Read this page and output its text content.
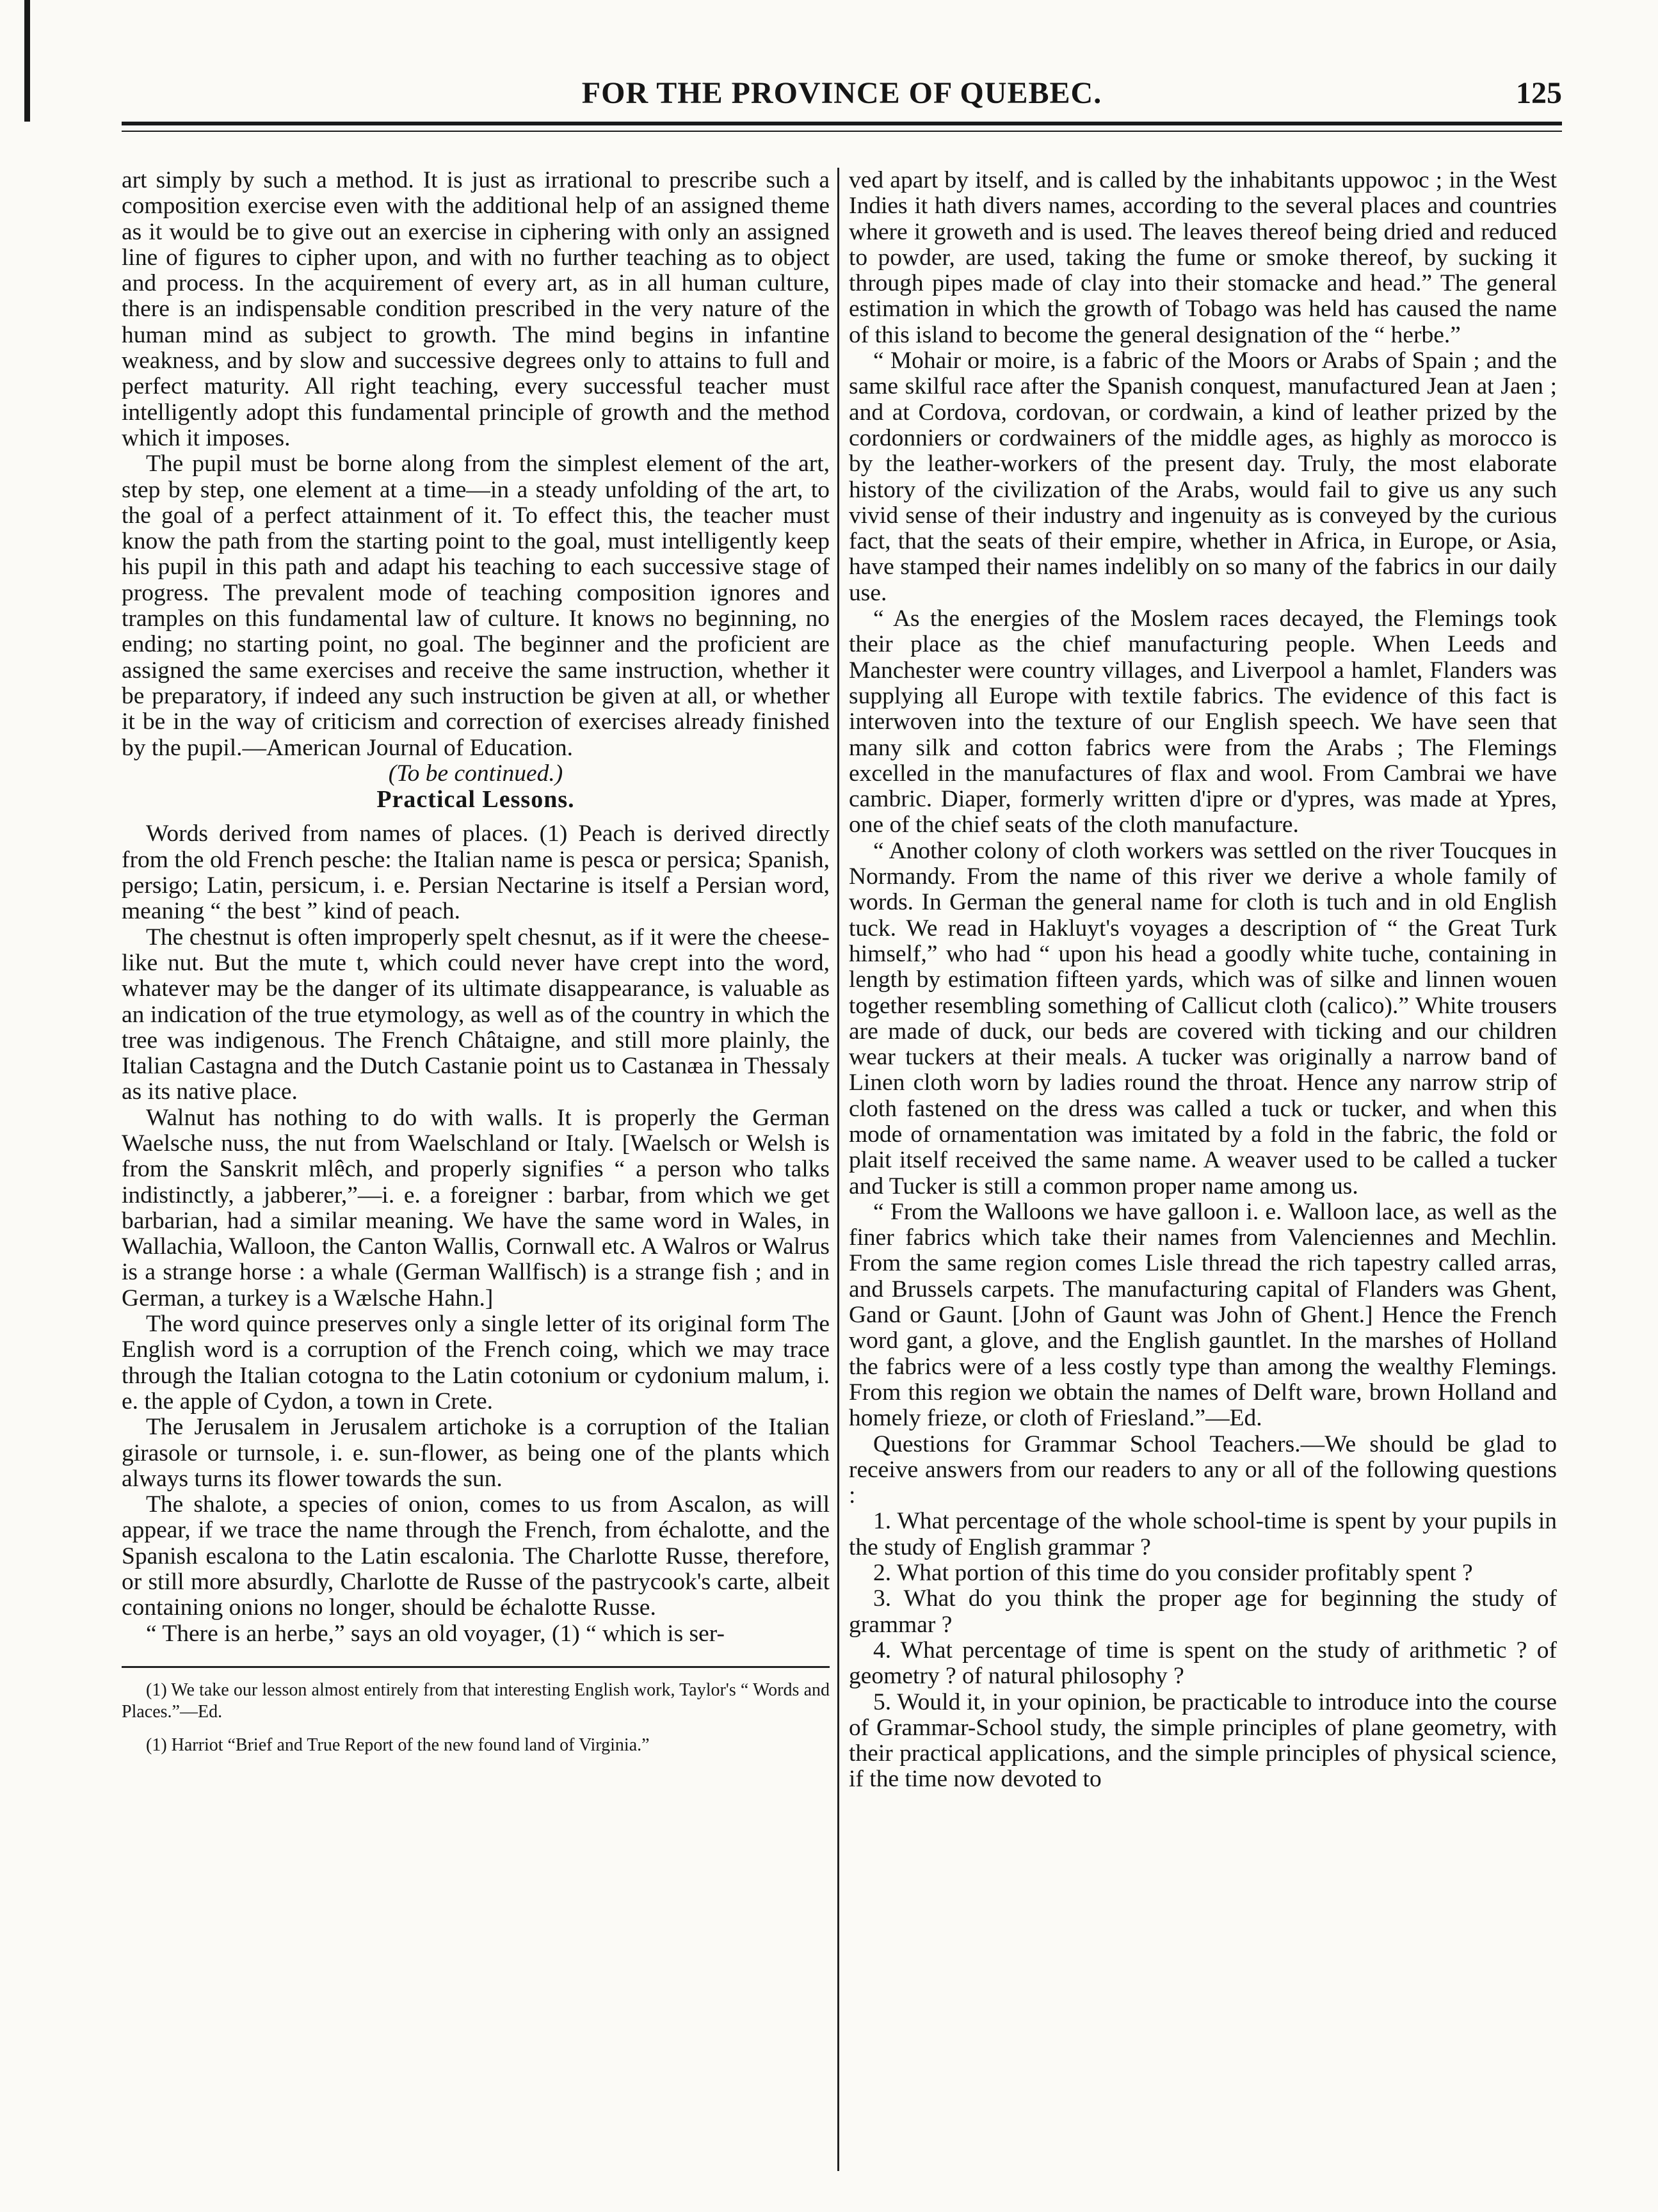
FOR THE PROVINCE OF QUEBEC.	125

art simply by such a method. It is just as irrational to prescribe such a composition exercise even with the additional help of an assigned theme as it would be to give out an exercise in ciphering with only an assigned line of figures to cipher upon, and with no further teaching as to object and process. In the acquirement of every art, as in all human culture, there is an indispensable condition prescribed in the very nature of the human mind as subject to growth. The mind begins in infantine weakness, and by slow and successive degrees only to attains to full and perfect maturity. All right teaching, every successful teacher must intelligently adopt this fundamental principle of growth and the method which it imposes.

The pupil must be borne along from the simplest element of the art, step by step, one element at a time—in a steady unfolding of the art, to the goal of a perfect attainment of it. To effect this, the teacher must know the path from the starting point to the goal, must intelligently keep his pupil in this path and adapt his teaching to each successive stage of progress. The prevalent mode of teaching composition ignores and tramples on this fundamental law of culture. It knows no beginning, no ending; no starting point, no goal. The beginner and the proficient are assigned the same exercises and receive the same instruction, whether it be preparatory, if indeed any such instruction be given at all, or whether it be in the way of criticism and correction of exercises already finished by the pupil.—American Journal of Education.

(To be continued.)

Practical Lessons.

Words derived from names of places. (1) Peach is derived directly from the old French pesche: the Italian name is pesca or persica; Spanish, persigo; Latin, persicum, i. e. Persian Nectarine is itself a Persian word, meaning “ the best ” kind of peach.

The chestnut is often improperly spelt chesnut, as if it were the cheese-like nut. But the mute t, which could never have crept into the word, whatever may be the danger of its ultimate disappearance, is valuable as an indication of the true etymology, as well as of the country in which the tree was indigenous. The French Châtaigne, and still more plainly, the Italian Castagna and the Dutch Castanie point us to Castanæa in Thessaly as its native place.

Walnut has nothing to do with walls. It is properly the German Waelsche nuss, the nut from Waelschland or Italy. [Waelsch or Welsh is from the Sanskrit mlêch, and properly signifies “ a person who talks indistinctly, a jabberer,”—i. e. a foreigner : barbar, from which we get barbarian, had a similar meaning. We have the same word in Wales, in Wallachia, Walloon, the Canton Wallis, Cornwall etc. A Walros or Walrus is a strange horse : a whale (German Wallfisch) is a strange fish ; and in German, a turkey is a Wælsche Hahn.]

The word quince preserves only a single letter of its original form The English word is a corruption of the French coing, which we may trace through the Italian cotogna to the Latin cotonium or cydonium malum, i. e. the apple of Cydon, a town in Crete.

The Jerusalem in Jerusalem artichoke is a corruption of the Italian girasole or turnsole, i. e. sun-flower, as being one of the plants which always turns its flower towards the sun.

The shalote, a species of onion, comes to us from Ascalon, as will appear, if we trace the name through the French, from échalotte, and the Spanish escalona to the Latin escalonia. The Charlotte Russe, therefore, or still more absurdly, Charlotte de Russe of the pastrycook's carte, albeit containing onions no longer, should be échalotte Russe.

“ There is an herbe,” says an old voyager, (1) “ which is ser-

(1) We take our lesson almost entirely from that interesting English work, Taylor's “ Words and Places.”—Ed.

(1) Harriot “Brief and True Report of the new found land of Virginia.”

ved apart by itself, and is called by the inhabitants uppowoc ; in the West Indies it hath divers names, according to the several places and countries where it groweth and is used. The leaves thereof being dried and reduced to powder, are used, taking the fume or smoke thereof, by sucking it through pipes made of clay into their stomacke and head.” The general estimation in which the growth of Tobago was held has caused the name of this island to become the general designation of the “ herbe.”

“ Mohair or moire, is a fabric of the Moors or Arabs of Spain ; and the same skilful race after the Spanish conquest, manufactured Jean at Jaen ; and at Cordova, cordovan, or cordwain, a kind of leather prized by the cordonniers or cordwainers of the middle ages, as highly as morocco is by the leather-workers of the present day. Truly, the most elaborate history of the civilization of the Arabs, would fail to give us any such vivid sense of their industry and ingenuity as is conveyed by the curious fact, that the seats of their empire, whether in Africa, in Europe, or Asia, have stamped their names indelibly on so many of the fabrics in our daily use.

“ As the energies of the Moslem races decayed, the Flemings took their place as the chief manufacturing people. When Leeds and Manchester were country villages, and Liverpool a hamlet, Flanders was supplying all Europe with textile fabrics. The evidence of this fact is interwoven into the texture of our English speech. We have seen that many silk and cotton fabrics were from the Arabs ; The Flemings excelled in the manufactures of flax and wool. From Cambrai we have cambric. Diaper, formerly written d'ipre or d'ypres, was made at Ypres, one of the chief seats of the cloth manufacture.

“ Another colony of cloth workers was settled on the river Toucques in Normandy. From the name of this river we derive a whole family of words. In German the general name for cloth is tuch and in old English tuck. We read in Hakluyt's voyages a description of “ the Great Turk himself,” who had “ upon his head a goodly white tuche, containing in length by estimation fifteen yards, which was of silke and linnen wouen together resembling something of Callicut cloth (calico).” White trousers are made of duck, our beds are covered with ticking and our children wear tuckers at their meals. A tucker was originally a narrow band of Linen cloth worn by ladies round the throat. Hence any narrow strip of cloth fastened on the dress was called a tuck or tucker, and when this mode of ornamentation was imitated by a fold in the fabric, the fold or plait itself received the same name. A weaver used to be called a tucker and Tucker is still a common proper name among us.

“ From the Walloons we have galloon i. e. Walloon lace, as well as the finer fabrics which take their names from Valenciennes and Mechlin. From the same region comes Lisle thread the rich tapestry called arras, and Brussels carpets. The manufacturing capital of Flanders was Ghent, Gand or Gaunt. [John of Gaunt was John of Ghent.] Hence the French word gant, a glove, and the English gauntlet. In the marshes of Holland the fabrics were of a less costly type than among the wealthy Flemings. From this region we obtain the names of Delft ware, brown Holland and homely frieze, or cloth of Friesland.”—Ed.

Questions for Grammar School Teachers.—We should be glad to receive answers from our readers to any or all of the following questions :

1. What percentage of the whole school-time is spent by your pupils in the study of English grammar ?

2. What portion of this time do you consider profitably spent ?

3. What do you think the proper age for beginning the study of grammar ?

4. What percentage of time is spent on the study of arithmetic ? of geometry ? of natural philosophy ?

5. Would it, in your opinion, be practicable to introduce into the course of Grammar-School study, the simple principles of plane geometry, with their practical applications, and the simple principles of physical science, if the time now devoted to
